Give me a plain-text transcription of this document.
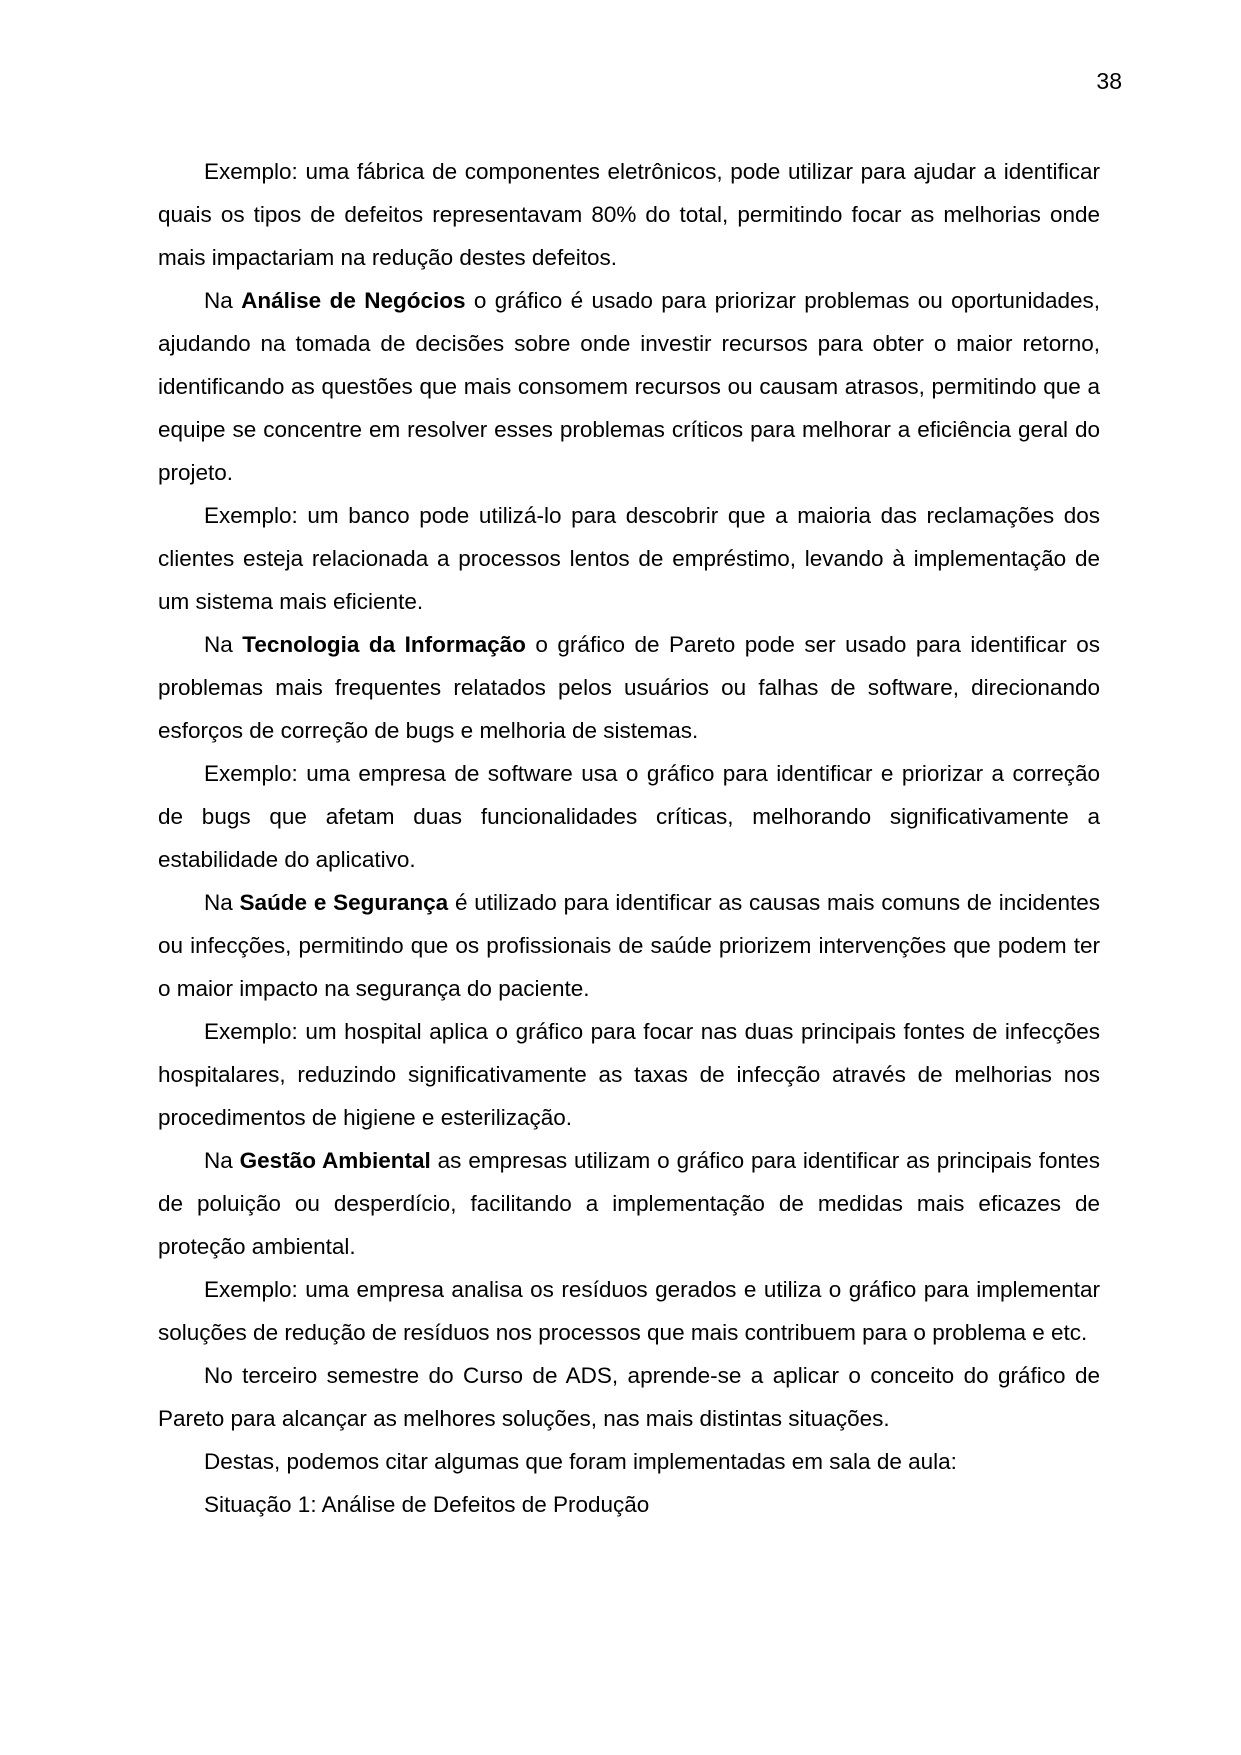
38

Exemplo: uma fábrica de componentes eletrônicos, pode utilizar para ajudar a identificar quais os tipos de defeitos representavam 80% do total, permitindo focar as melhorias onde mais impactariam na redução destes defeitos.

Na Análise de Negócios o gráfico é usado para priorizar problemas ou oportunidades, ajudando na tomada de decisões sobre onde investir recursos para obter o maior retorno, identificando as questões que mais consomem recursos ou causam atrasos, permitindo que a equipe se concentre em resolver esses problemas críticos para melhorar a eficiência geral do projeto.

Exemplo: um banco pode utilizá-lo para descobrir que a maioria das reclamações dos clientes esteja relacionada a processos lentos de empréstimo, levando à implementação de um sistema mais eficiente.

Na Tecnologia da Informação o gráfico de Pareto pode ser usado para identificar os problemas mais frequentes relatados pelos usuários ou falhas de software, direcionando esforços de correção de bugs e melhoria de sistemas.

Exemplo: uma empresa de software usa o gráfico para identificar e priorizar a correção de bugs que afetam duas funcionalidades críticas, melhorando significativamente a estabilidade do aplicativo.

Na Saúde e Segurança é utilizado para identificar as causas mais comuns de incidentes ou infecções, permitindo que os profissionais de saúde priorizem intervenções que podem ter o maior impacto na segurança do paciente.

Exemplo: um hospital aplica o gráfico para focar nas duas principais fontes de infecções hospitalares, reduzindo significativamente as taxas de infecção através de melhorias nos procedimentos de higiene e esterilização.

Na Gestão Ambiental as empresas utilizam o gráfico para identificar as principais fontes de poluição ou desperdício, facilitando a implementação de medidas mais eficazes de proteção ambiental.

Exemplo: uma empresa analisa os resíduos gerados e utiliza o gráfico para implementar soluções de redução de resíduos nos processos que mais contribuem para o problema e etc.

No terceiro semestre do Curso de ADS, aprende-se a aplicar o conceito do gráfico de Pareto para alcançar as melhores soluções, nas mais distintas situações.

Destas, podemos citar algumas que foram implementadas em sala de aula:

Situação 1: Análise de Defeitos de Produção
